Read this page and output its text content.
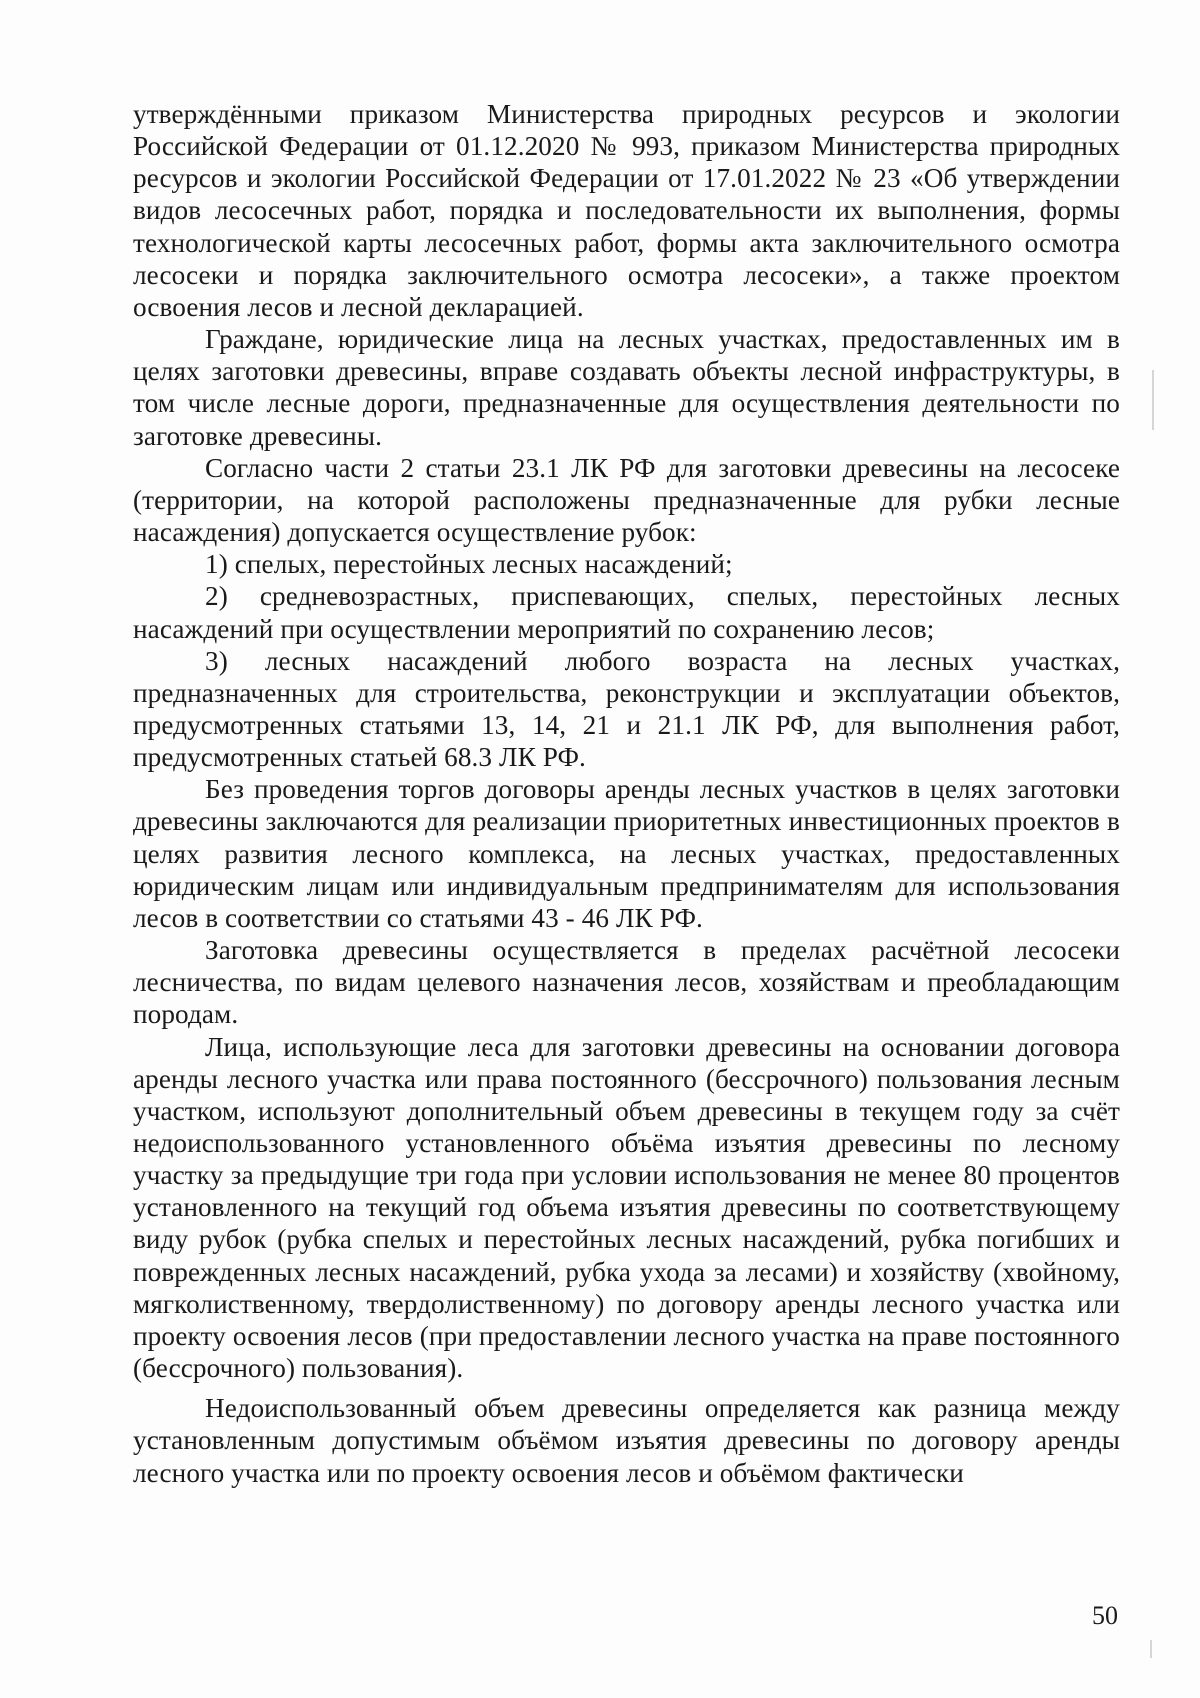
утверждёнными приказом Министерства природных ресурсов и экологии Российской Федерации от 01.12.2020 № 993, приказом Министерства природных ресурсов и экологии Российской Федерации от 17.01.2022 № 23 «Об утверждении видов лесосечных работ, порядка и последовательности их выполнения, формы технологической карты лесосечных работ, формы акта заключительного осмотра лесосеки и порядка заключительного осмотра лесосеки», а также проектом освоения лесов и лесной декларацией.

Граждане, юридические лица на лесных участках, предоставленных им в целях заготовки древесины, вправе создавать объекты лесной инфраструктуры, в том числе лесные дороги, предназначенные для осуществления деятельности по заготовке древесины.

Согласно части 2 статьи 23.1 ЛК РФ для заготовки древесины на лесосеке (территории, на которой расположены предназначенные для рубки лесные насаждения) допускается осуществление рубок:

1) спелых, перестойных лесных насаждений;

2) средневозрастных, приспевающих, спелых, перестойных лесных насаждений при осуществлении мероприятий по сохранению лесов;

3) лесных насаждений любого возраста на лесных участках, предназначенных для строительства, реконструкции и эксплуатации объектов, предусмотренных статьями 13, 14, 21 и 21.1 ЛК РФ, для выполнения работ, предусмотренных статьей 68.3 ЛК РФ.

Без проведения торгов договоры аренды лесных участков в целях заготовки древесины заключаются для реализации приоритетных инвестиционных проектов в целях развития лесного комплекса, на лесных участках, предоставленных юридическим лицам или индивидуальным предпринимателям для использования лесов в соответствии со статьями 43 - 46 ЛК РФ.

Заготовка древесины осуществляется в пределах расчётной лесосеки лесничества, по видам целевого назначения лесов, хозяйствам и преобладающим породам.

Лица, использующие леса для заготовки древесины на основании договора аренды лесного участка или права постоянного (бессрочного) пользования лесным участком, используют дополнительный объем древесины в текущем году за счёт недоиспользованного установленного объёма изъятия древесины по лесному участку за предыдущие три года при условии использования не менее 80 процентов установленного на текущий год объема изъятия древесины по соответствующему виду рубок (рубка спелых и перестойных лесных насаждений, рубка погибших и поврежденных лесных насаждений, рубка ухода за лесами) и хозяйству (хвойному, мягколиственному, твердолиственному) по договору аренды лесного участка или проекту освоения лесов (при предоставлении лесного участка на праве постоянного (бессрочного) пользования).

Недоиспользованный объем древесины определяется как разница между установленным допустимым объёмом изъятия древесины по договору аренды лесного участка или по проекту освоения лесов и объёмом фактически

50
